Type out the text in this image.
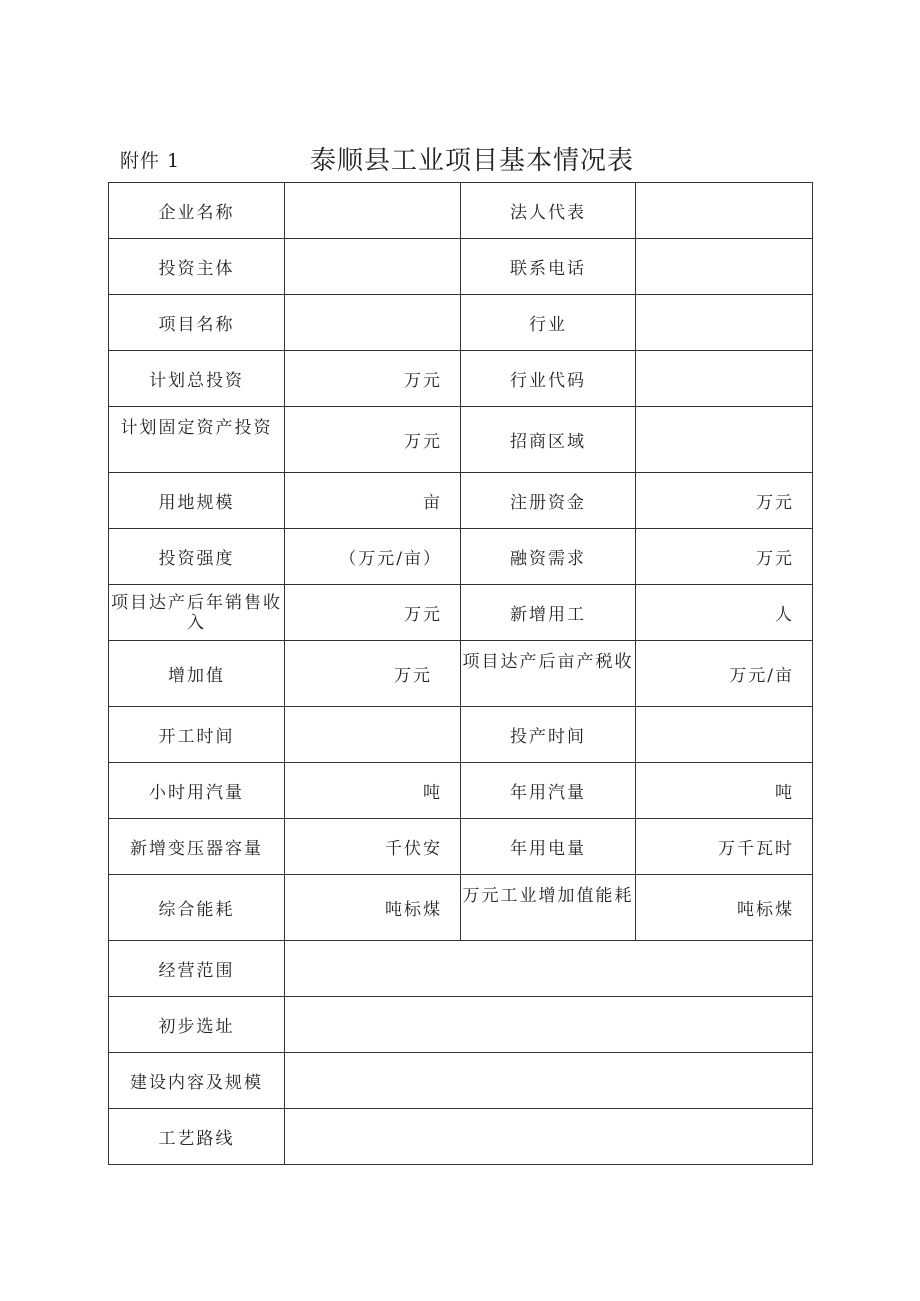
附件 1	泰顺县工业项目基本情况表
企业名称		法人代表	
投资主体		联系电话	
项目名称		行业	
计划总投资	万元	行业代码	
计划固定资产投资	万元	招商区域	
用地规模	亩	注册资金	万元
投资强度	（万元/亩）	融资需求	万元
项目达产后年销售收入	万元	新增用工	人
增加值	万元	项目达产后亩产税收	万元/亩
开工时间		投产时间	
小时用汽量	吨	年用汽量	吨
新增变压器容量	千伏安	年用电量	万千瓦时
综合能耗	吨标煤	万元工业增加值能耗	吨标煤
经营范围			
初步选址			
建设内容及规模			
工艺路线			
